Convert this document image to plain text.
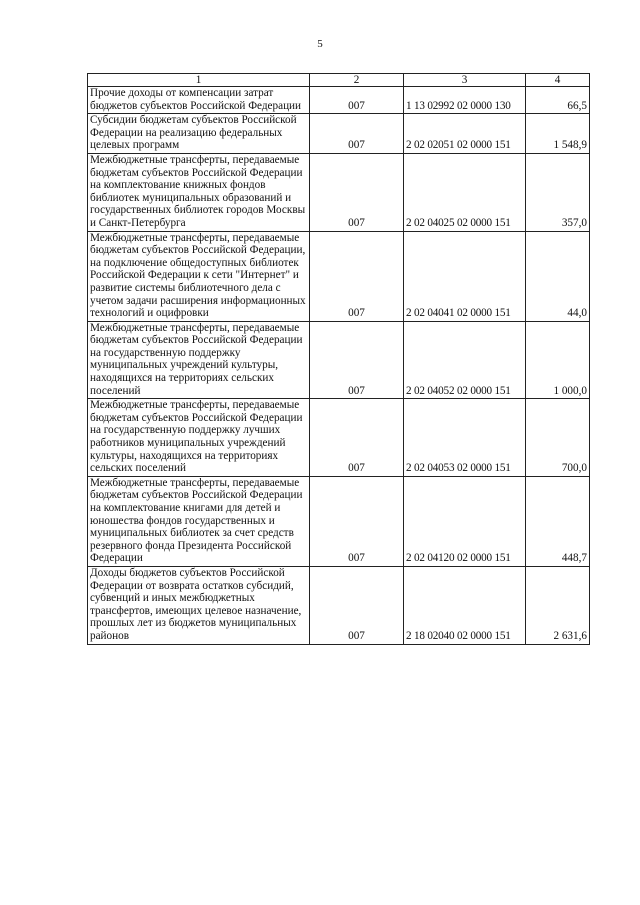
5
1	2	3	4
Прочие доходы от компенсации затрат бюджетов субъектов Российской Федерации	007	1 13 02992 02 0000 130	66,5
Субсидии бюджетам субъектов Российской Федерации на реализацию федеральных целевых программ	007	2 02 02051 02 0000 151	1 548,9
Межбюджетные трансферты, передаваемые бюджетам субъектов Российской Федерации на комплектование книжных фондов библиотек муниципальных образований и государственных библиотек городов Москвы и Санкт-Петербурга	007	2 02 04025 02 0000 151	357,0
Межбюджетные трансферты, передаваемые бюджетам субъектов Российской Федерации, на подключение общедоступных библиотек Российской Федерации к сети "Интернет" и развитие системы библиотечного дела с учетом задачи расширения информационных технологий и оцифровки	007	2 02 04041 02 0000 151	44,0
Межбюджетные трансферты, передаваемые бюджетам субъектов Российской Федерации на государственную поддержку муниципальных учреждений культуры, находящихся на территориях сельских поселений	007	2 02 04052 02 0000 151	1 000,0
Межбюджетные трансферты, передаваемые бюджетам субъектов Российской Федерации на государственную поддержку лучших работников муниципальных учреждений культуры, находящихся на территориях сельских поселений	007	2 02 04053 02 0000 151	700,0
Межбюджетные трансферты, передаваемые бюджетам субъектов Российской Федерации на комплектование книгами для детей и юношества фондов государственных и муниципальных библиотек за счет средств резервного фонда Президента Российской Федерации	007	2 02 04120 02 0000 151	448,7
Доходы бюджетов субъектов Российской Федерации от возврата остатков субсидий, субвенций и иных межбюджетных трансфертов, имеющих целевое назначение, прошлых лет из бюджетов муниципальных районов	007	2 18 02040 02 0000 151	2 631,6
